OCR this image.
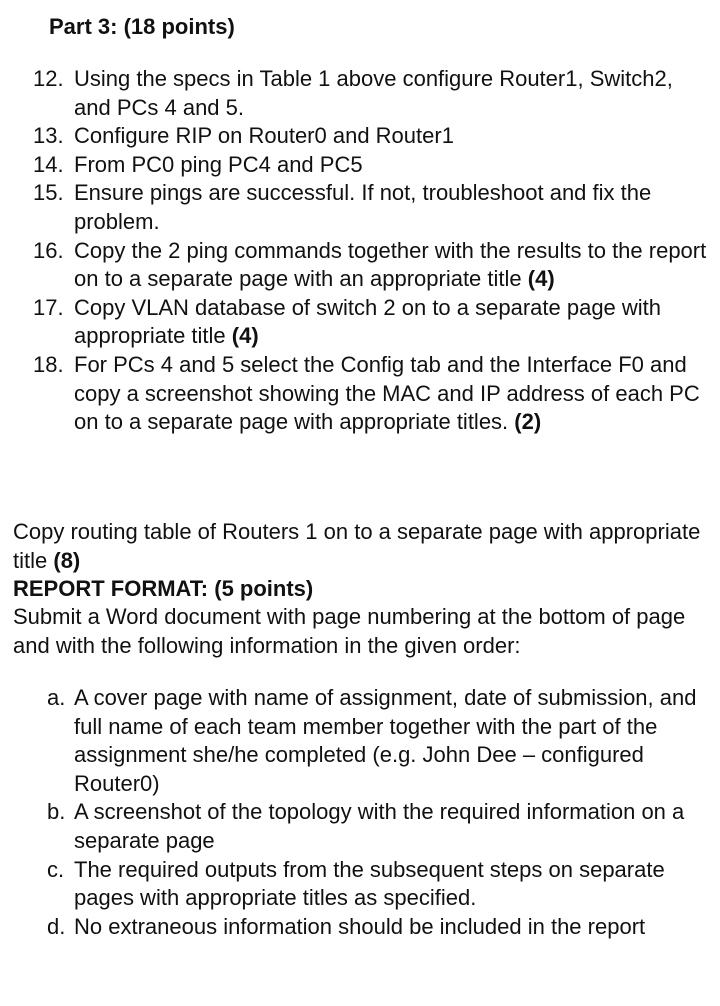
Part 3: (18 points)
12. Using the specs in Table 1 above configure Router1, Switch2, and PCs 4 and 5.
13. Configure RIP on Router0 and Router1
14. From PC0 ping PC4 and PC5
15. Ensure pings are successful. If not, troubleshoot and fix the problem.
16. Copy the 2 ping commands together with the results to the report on to a separate page with an appropriate title (4)
17. Copy VLAN database of switch 2 on to a separate page with appropriate title (4)
18. For PCs 4 and 5 select the Config tab and the Interface F0 and copy a screenshot showing the MAC and IP address of each PC on to a separate page with appropriate titles. (2)
Copy routing table of Routers 1 on to a separate page with appropriate title (8)
REPORT FORMAT: (5 points)
Submit a Word document with page numbering at the bottom of page and with the following information in the given order:
a. A cover page with name of assignment, date of submission, and full name of each team member together with the part of the assignment she/he completed (e.g. John Dee – configured Router0)
b. A screenshot of the topology with the required information on a separate page
c. The required outputs from the subsequent steps on separate pages with appropriate titles as specified.
d. No extraneous information should be included in the report
